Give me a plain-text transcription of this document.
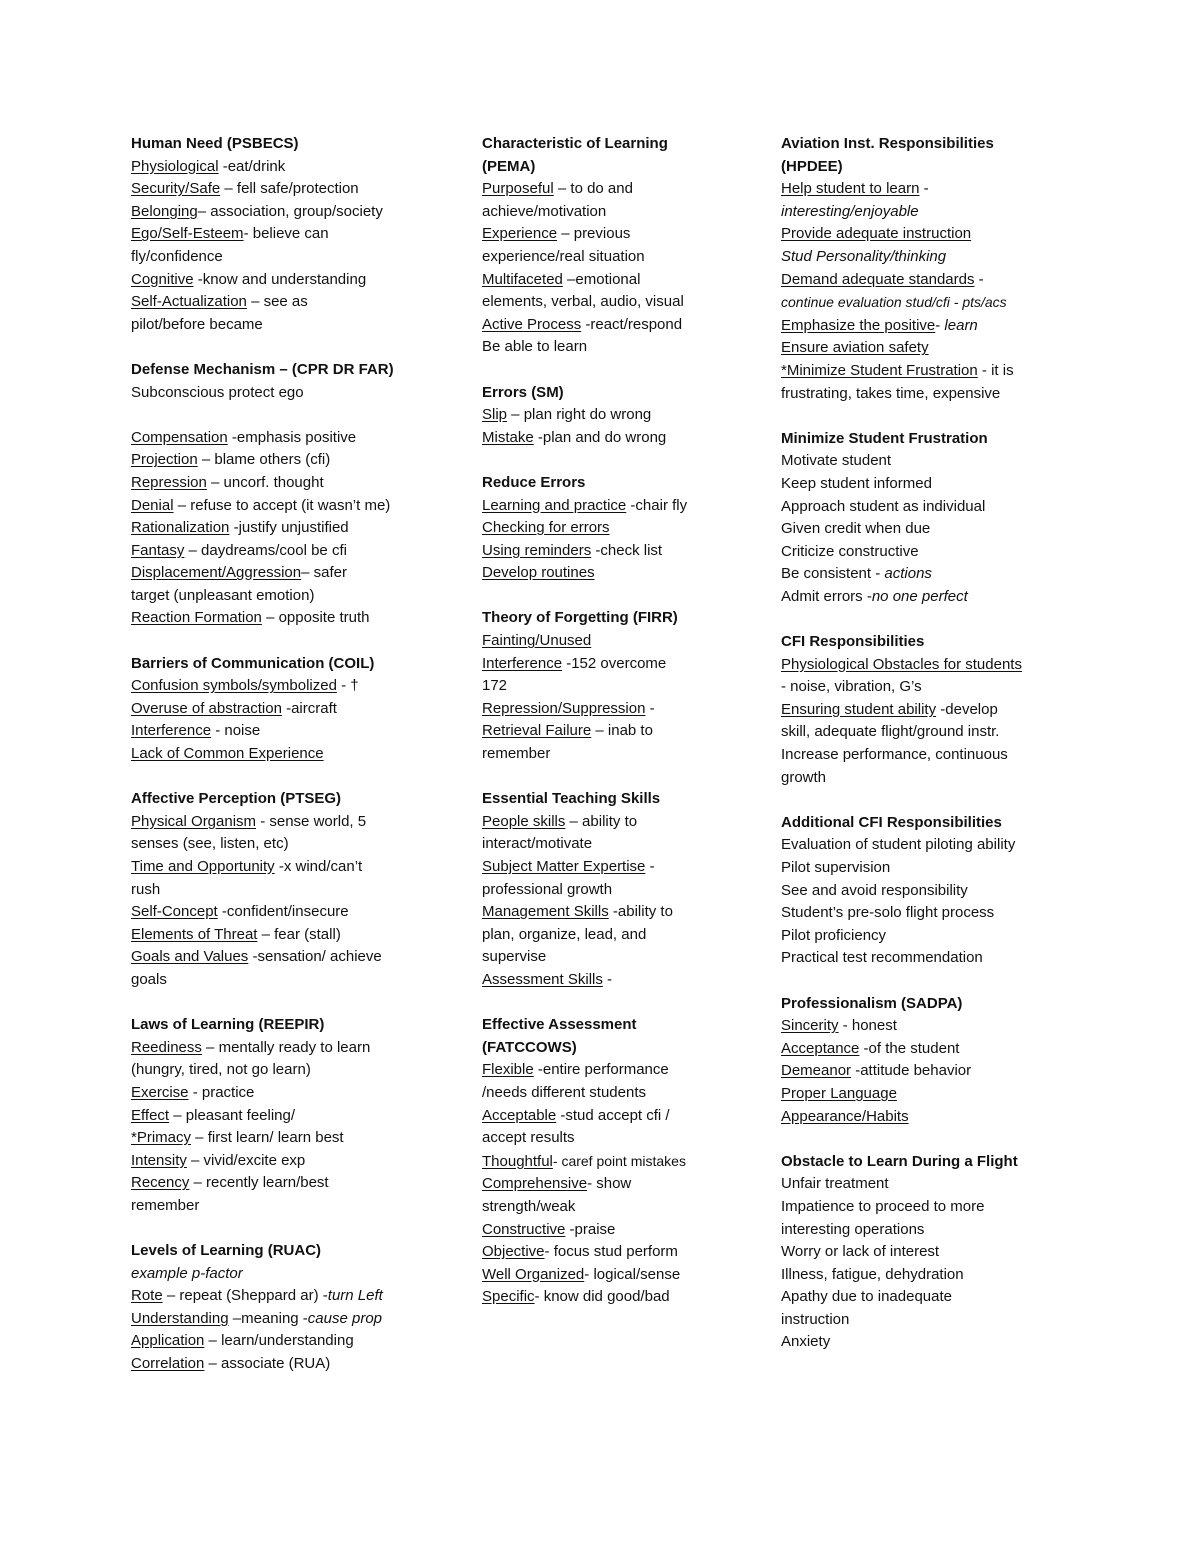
Human Need (PSBECS)
Physiological -eat/drink
Security/Safe – fell safe/protection
Belonging– association, group/society
Ego/Self-Esteem- believe can
fly/confidence
Cognitive -know and understanding
Self-Actualization – see as
pilot/before became
Defense Mechanism – (CPR DR FAR)
Subconscious protect ego
Compensation -emphasis positive
Projection – blame others (cfi)
Repression – uncorf. thought
Denial – refuse to accept (it wasn’t me)
Rationalization -justify unjustified
Fantasy – daydreams/cool be cfi
Displacement/Aggression– safer
target (unpleasant emotion)
Reaction Formation – opposite truth
Barriers of Communication (COIL)
Confusion symbols/symbolized - †
Overuse of abstraction -aircraft
Interference - noise
Lack of Common Experience
Affective Perception (PTSEG)
Physical Organism - sense world, 5
senses (see, listen, etc)
Time and Opportunity -x wind/can’t
rush
Self-Concept -confident/insecure
Elements of Threat – fear (stall)
Goals and Values -sensation/ achieve
goals
Laws of Learning (REEPIR)
Reediness – mentally ready to learn
(hungry, tired, not go learn)
Exercise - practice
Effect – pleasant feeling/
*Primacy – first learn/ learn best
Intensity – vivid/excite exp
Recency – recently learn/best
remember
Levels of Learning (RUAC)
example p-factor
Rote – repeat (Sheppard ar) -turn Left
Understanding –meaning -cause prop
Application – learn/understanding
Correlation – associate (RUA)
Characteristic of Learning
(PEMA)
Purposeful – to do and
achieve/motivation
Experience – previous
experience/real situation
Multifaceted –emotional
elements, verbal, audio, visual
Active Process -react/respond
Be able to learn
Errors (SM)
Slip – plan right do wrong
Mistake -plan and do wrong
Reduce Errors
Learning and practice -chair fly
Checking for errors
Using reminders -check list
Develop routines
Theory of Forgetting (FIRR)
Fainting/Unused
Interference -152 overcome
172
Repression/Suppression -
Retrieval Failure – inab to
remember
Essential Teaching Skills
People skills – ability to
interact/motivate
Subject Matter Expertise -
professional growth
Management Skills -ability to
plan, organize, lead, and
supervise
Assessment Skills -
Effective Assessment
(FATCCOWS)
Flexible -entire performance
/needs different students
Acceptable -stud accept cfi /
accept results
Thoughtful- caref point mistakes
Comprehensive- show
strength/weak
Constructive -praise
Objective- focus stud perform
Well Organized- logical/sense
Specific- know did good/bad
Aviation Inst. Responsibilities
(HPDEE)
Help student to learn -
interesting/enjoyable
Provide adequate instruction
Stud Personality/thinking
Demand adequate standards -
continue evaluation stud/cfi - pts/acs
Emphasize the positive- learn
Ensure aviation safety
*Minimize Student Frustration - it is
frustrating, takes time, expensive
Minimize Student Frustration
Motivate student
Keep student informed
Approach student as individual
Given credit when due
Criticize constructive
Be consistent - actions
Admit errors -no one perfect
CFI Responsibilities
Physiological Obstacles for students
- noise, vibration, G’s
Ensuring student ability -develop
skill, adequate flight/ground instr.
Increase performance, continuous
growth
Additional CFI Responsibilities
Evaluation of student piloting ability
Pilot supervision
See and avoid responsibility
Student’s pre-solo flight process
Pilot proficiency
Practical test recommendation
Professionalism (SADPA)
Sincerity - honest
Acceptance -of the student
Demeanor -attitude behavior
Proper Language
Appearance/Habits
Obstacle to Learn During a Flight
Unfair treatment
Impatience to proceed to more
interesting operations
Worry or lack of interest
Illness, fatigue, dehydration
Apathy due to inadequate
instruction
Anxiety
